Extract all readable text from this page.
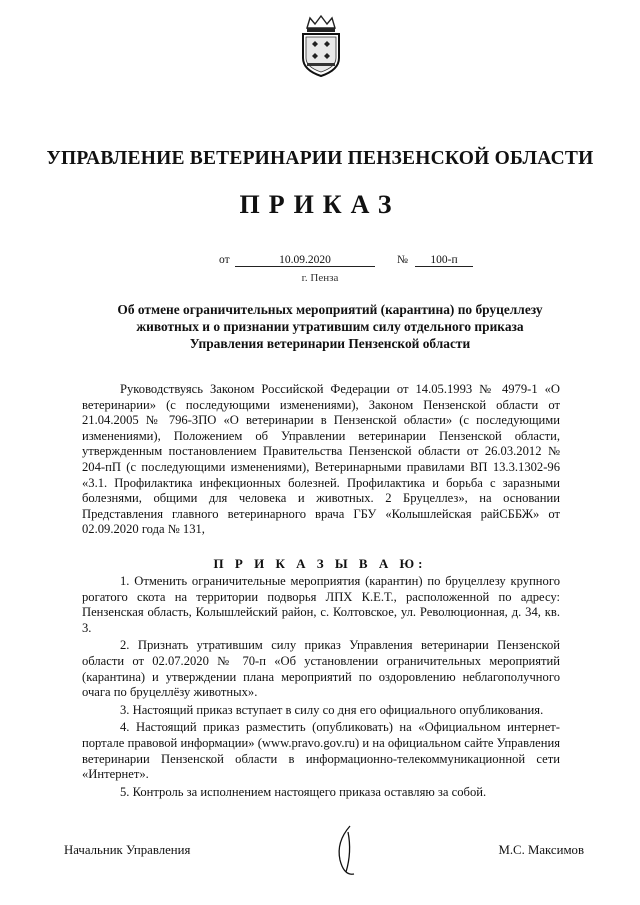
УПРАВЛЕНИЕ ВЕТЕРИНАРИИ ПЕНЗЕНСКОЙ ОБЛАСТИ
ПРИКАЗ
от	10.09.2020	№	100-п
г. Пенза
Об отмене ограничительных мероприятий (карантина) по бруцеллезу животных и о признании утратившим силу отдельного приказа Управления ветеринарии Пензенской области

Руководствуясь Законом Российской Федерации от 14.05.1993 № 4979-1 «О ветеринарии» (с последующими изменениями), Законом Пензенской области от 21.04.2005 № 796-ЗПО «О ветеринарии в Пензенской области» (с последующими изменениями), Положением об Управлении ветеринарии Пензенской области, утвержденным постановлением Правительства Пензенской области от 26.03.2012 № 204-пП (с последующими изменениями), Ветеринарными правилами ВП 13.3.1302-96 «3.1. Профилактика инфекционных болезней. Профилактика и борьба с заразными болезнями, общими для человека и животных. 2 Бруцеллез», на основании Представления главного ветеринарного врача ГБУ «Колышлейская райСББЖ» от 02.09.2020 года № 131,

П Р И К А З Ы В А Ю:

1. Отменить ограничительные мероприятия (карантин) по бруцеллезу крупного рогатого скота на территории подворья ЛПХ К.Е.Т., расположенной по адресу: Пензенская область, Колышлейский район, с. Колтовское, ул. Революционная, д. 34, кв. 3.

2. Признать утратившим силу приказ Управления ветеринарии Пензенской области от 02.07.2020 № 70-п «Об установлении ограничительных мероприятий (карантина) и утверждении плана мероприятий по оздоровлению неблагополучного очага по бруцеллёзу животных».

3. Настоящий приказ вступает в силу со дня его официального опубликования.

4. Настоящий приказ разместить (опубликовать) на «Официальном интернет-портале правовой информации» (www.pravo.gov.ru) и на официальном сайте Управления ветеринарии Пензенской области в информационно-телекоммуникационной сети «Интернет».

5. Контроль за исполнением настоящего приказа оставляю за собой.

Начальник Управления	М.С. Максимов
